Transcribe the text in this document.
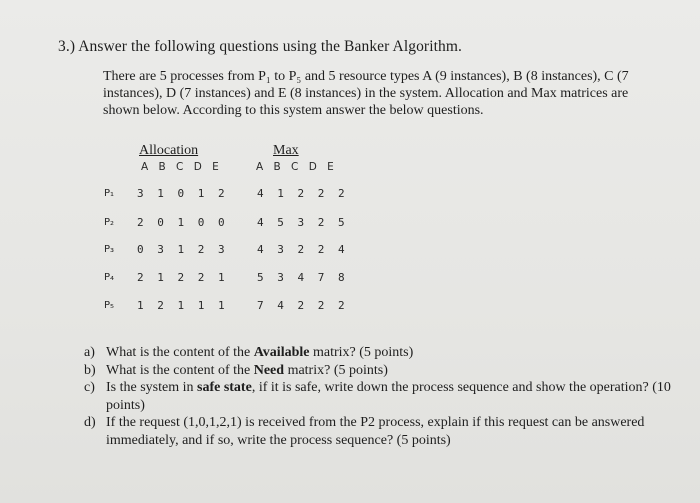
3.) Answer the following questions using the Banker Algorithm.
There are 5 processes from P₁ to P₅ and 5 resource types A (9 instances), B (8 instances), C (7 instances), D (7 instances) and E (8 instances) in the system. Allocation and Max matrices are shown below. According to this system answer the below questions.
Allocation
A B C D E
Max
A B C D E
P₁
P₂
P₃
P₄
P₅
3 1 0 1 2
2 0 1 0 0
0 3 1 2 3
2 1 2 2 1
1 2 1 1 1
4 1 2 2 2
4 5 3 2 5
4 3 2 2 4
5 3 4 7 8
7 4 2 2 2
a) What is the content of the Available matrix? (5 points)
b) What is the content of the Need matrix? (5 points)
c) Is the system in safe state, if it is safe, write down the process sequence and show the operation? (10 points)
d) If the request (1,0,1,2,1) is received from the P2 process, explain if this request can be answered immediately, and if so, write the process sequence? (5 points)
